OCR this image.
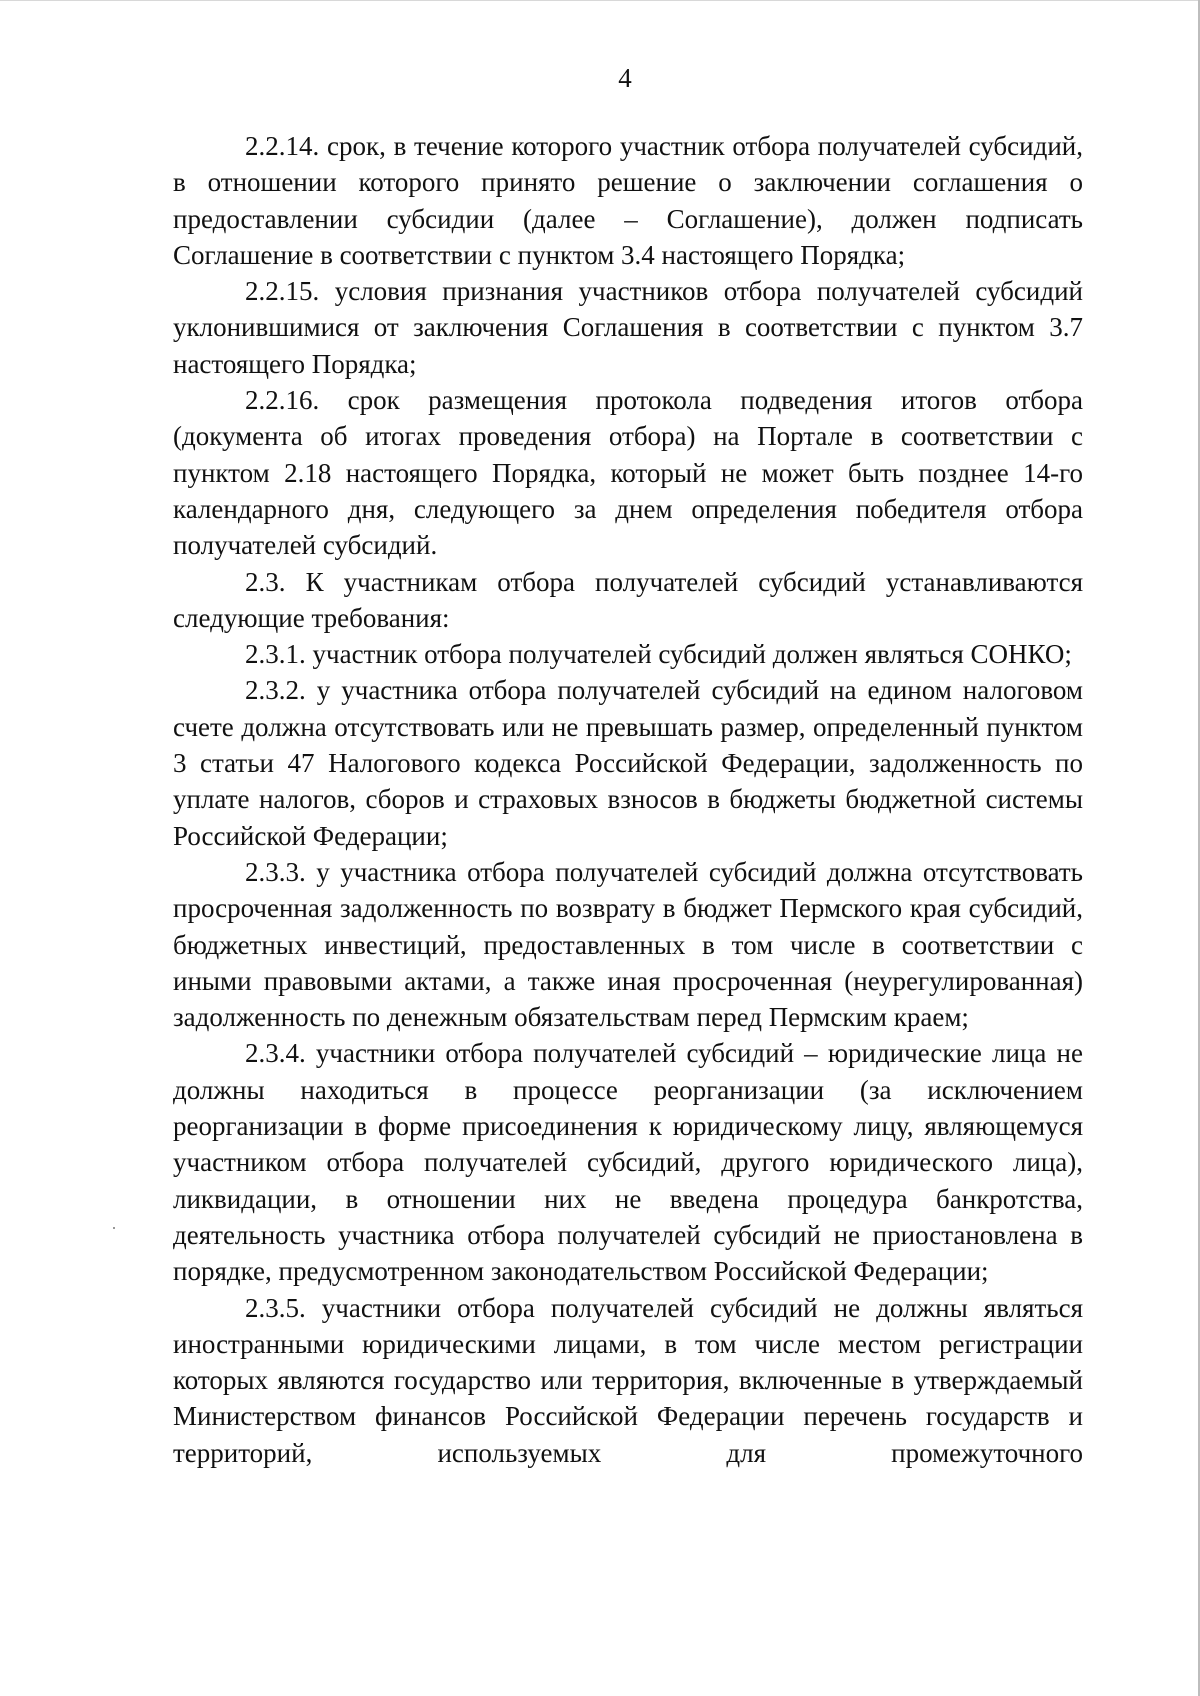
4

2.2.14. срок, в течение которого участник отбора получателей субсидий, в отношении которого принято решение о заключении соглашения о предоставлении субсидии (далее – Соглашение), должен подписать Соглашение в соответствии с пунктом 3.4 настоящего Порядка;

2.2.15. условия признания участников отбора получателей субсидий уклонившимися от заключения Соглашения в соответствии с пунктом 3.7 настоящего Порядка;

2.2.16. срок размещения протокола подведения итогов отбора (документа об итогах проведения отбора) на Портале в соответствии с пунктом 2.18 настоящего Порядка, который не может быть позднее 14-го календарного дня, следующего за днем определения победителя отбора получателей субсидий.

2.3. К участникам отбора получателей субсидий устанавливаются следующие требования:

2.3.1. участник отбора получателей субсидий должен являться СОНКО;

2.3.2. у участника отбора получателей субсидий на едином налоговом счете должна отсутствовать или не превышать размер, определенный пунктом 3 статьи 47 Налогового кодекса Российской Федерации, задолженность по уплате налогов, сборов и страховых взносов в бюджеты бюджетной системы Российской Федерации;

2.3.3. у участника отбора получателей субсидий должна отсутствовать просроченная задолженность по возврату в бюджет Пермского края субсидий, бюджетных инвестиций, предоставленных в том числе в соответствии с иными правовыми актами, а также иная просроченная (неурегулированная) задолженность по денежным обязательствам перед Пермским краем;

2.3.4. участники отбора получателей субсидий – юридические лица не должны находиться в процессе реорганизации (за исключением реорганизации в форме присоединения к юридическому лицу, являющемуся участником отбора получателей субсидий, другого юридического лица), ликвидации, в отношении них не введена процедура банкротства, деятельность участника отбора получателей субсидий не приостановлена в порядке, предусмотренном законодательством Российской Федерации;

2.3.5. участники отбора получателей субсидий не должны являться иностранными юридическими лицами, в том числе местом регистрации которых являются государство или территория, включенные в утверждаемый Министерством финансов Российской Федерации перечень государств и территорий, используемых для промежуточного
